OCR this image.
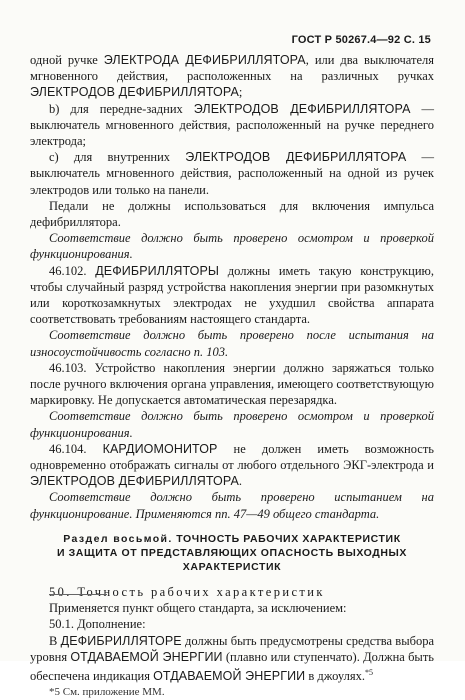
ГОСТ Р 50267.4—92 С. 15

одной ручке ЭЛЕКТРОДА ДЕФИБРИЛЛЯТОРА, или два выключателя мгновенного действия, расположенных на различных ручках ЭЛЕКТРОДОВ ДЕФИБРИЛЛЯТОРА;

b) для передне-задних ЭЛЕКТРОДОВ ДЕФИБРИЛЛЯТОРА — выключатель мгновенного действия, расположенный на ручке переднего электрода;

c) для внутренних ЭЛЕКТРОДОВ ДЕФИБРИЛЛЯТОРА — выключатель мгновенного действия, расположенный на одной из ручек электродов или только на панели.

Педали не должны использоваться для включения импульса дефибриллятора.

Соответствие должно быть проверено осмотром и проверкой функционирования.

46.102. ДЕФИБРИЛЛЯТОРЫ должны иметь такую конструкцию, чтобы случайный разряд устройства накопления энергии при разомкнутых или короткозамкнутых электродах не ухудшил свойства аппарата соответствовать требованиям настоящего стандарта.

Соответствие должно быть проверено после испытания на износоустойчивость согласно п. 103.

46.103. Устройство накопления энергии должно заряжаться только после ручного включения органа управления, имеющего соответствующую маркировку. Не допускается автоматическая перезарядка.

Соответствие должно быть проверено осмотром и проверкой функционирования.

46.104. КАРДИОМОНИТОР не должен иметь возможность одновременно отображать сигналы от любого отдельного ЭКГ-электрода и ЭЛЕКТРОДОВ ДЕФИБРИЛЛЯТОРА.

Соответствие должно быть проверено испытанием на функционирование. Применяются пп. 47—49 общего стандарта.

Раздел восьмой. ТОЧНОСТЬ РАБОЧИХ ХАРАКТЕРИСТИК
И ЗАЩИТА ОТ ПРЕДСТАВЛЯЮЩИХ ОПАСНОСТЬ ВЫХОДНЫХ
ХАРАКТЕРИСТИК

50. Точность рабочих характеристик

Применяется пункт общего стандарта, за исключением:

50.1. Дополнение:

В ДЕФИБРИЛЛЯТОРЕ должны быть предусмотрены средства выбора уровня ОТДАВАЕМОЙ ЭНЕРГИИ (плавно или ступенчато). Должна быть обеспечена индикация ОТДАВАЕМОЙ ЭНЕРГИИ в джоулях.$^{*5}$

*5 См. приложение ММ.
